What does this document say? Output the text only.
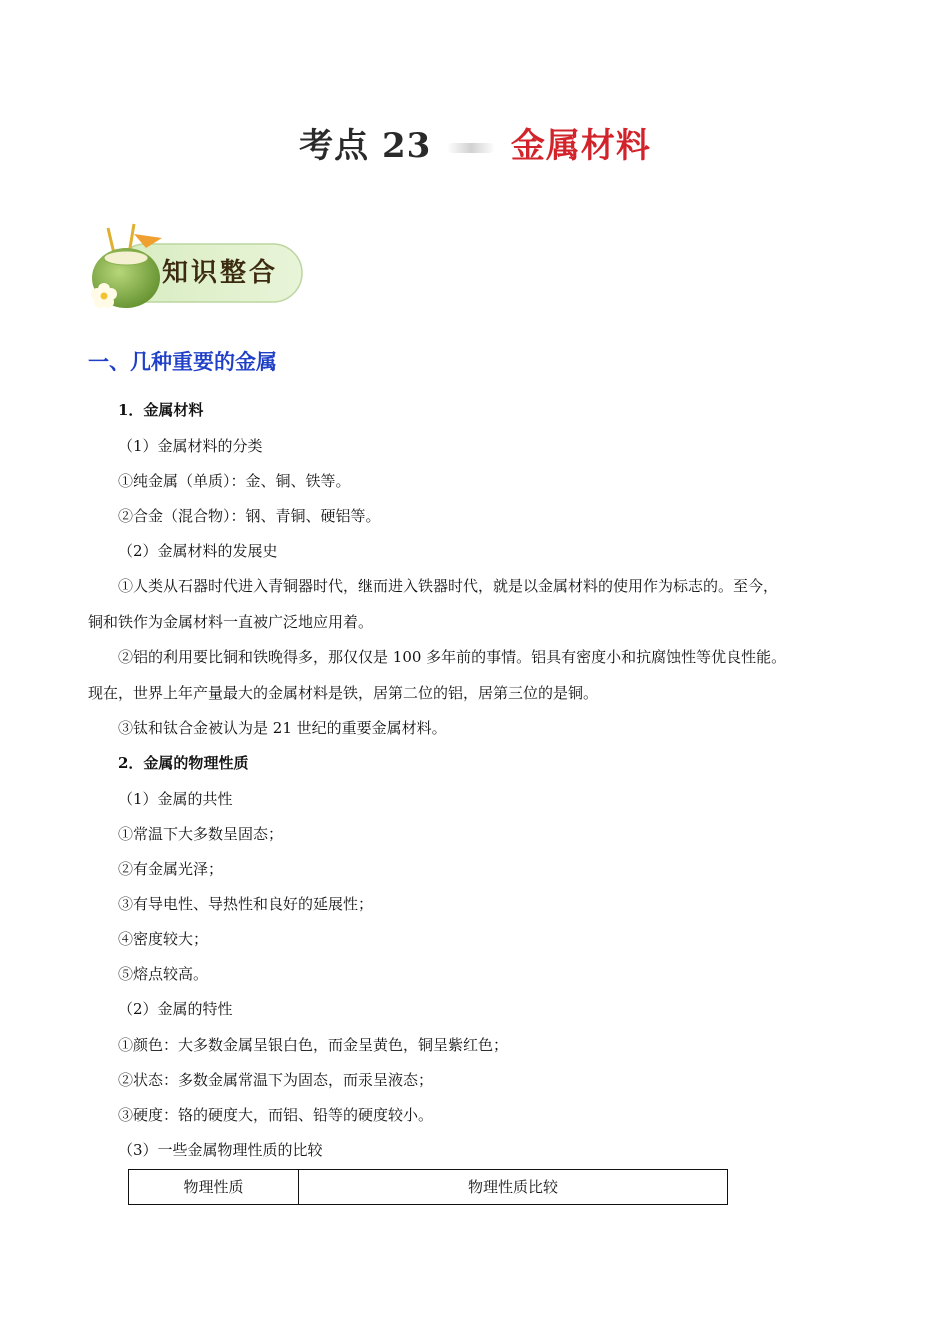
考点 23 金属材料
知识整合
一、几种重要的金属
1．金属材料
（1）金属材料的分类
①纯金属（单质）：金、铜、铁等。
②合金（混合物）：钢、青铜、硬铝等。
（2）金属材料的发展史
①人类从石器时代进入青铜器时代，继而进入铁器时代，就是以金属材料的使用作为标志的。至今，
铜和铁作为金属材料一直被广泛地应用着。
②铝的利用要比铜和铁晚得多，那仅仅是 100 多年前的事情。铝具有密度小和抗腐蚀性等优良性能。
现在，世界上年产量最大的金属材料是铁，居第二位的铝，居第三位的是铜。
③钛和钛合金被认为是 21 世纪的重要金属材料。
2．金属的物理性质
（1）金属的共性
①常温下大多数呈固态；
②有金属光泽；
③有导电性、导热性和良好的延展性；
④密度较大；
⑤熔点较高。
（2）金属的特性
①颜色：大多数金属呈银白色，而金呈黄色，铜呈紫红色；
②状态：多数金属常温下为固态，而汞呈液态；
③硬度：铬的硬度大，而铝、铅等的硬度较小。
（3）一些金属物理性质的比较
物理性质	物理性质比较
